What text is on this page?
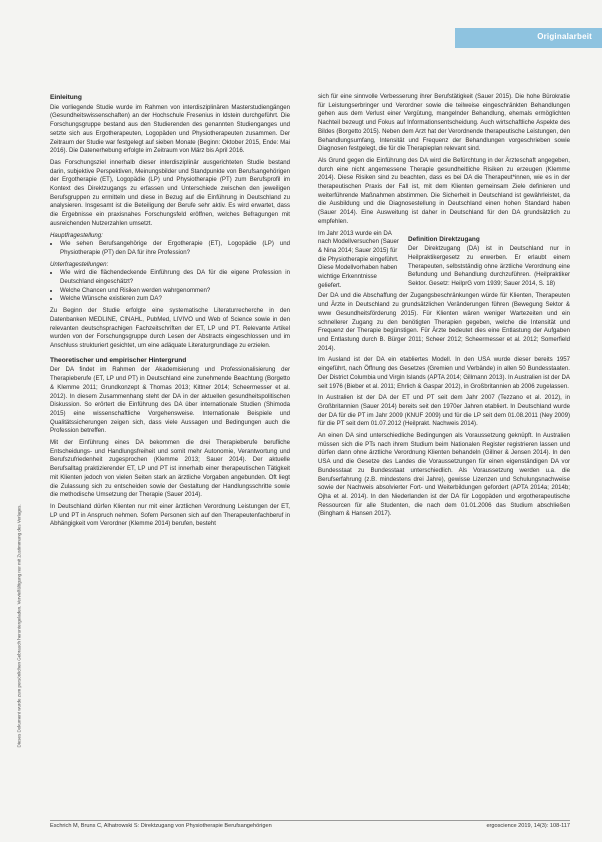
Originalarbeit
Dieses Dokument wurde zum persönlichen Gebrauch heruntergeladen. Vervielfältigung nur mit Zustimmung des Verlages.
Einleitung

Die vorliegende Studie wurde im Rahmen von interdisziplinären Masterstudiengängen (Gesundheitswissenschaften) an der Hochschule Fresenius in Idstein durchgeführt. Die Forschungsgruppe bestand aus den Studierenden des genannten Studienganges und setzte sich aus Ergotherapeuten, Logopäden und Physiotherapeuten zusammen. Der Zeitraum der Studie war festgelegt auf sieben Monate (Beginn: Oktober 2015, Ende: Mai 2016). Die Datenerhebung erfolgte im Zeitraum von März bis April 2016.

Das Forschungsziel innerhalb dieser interdisziplinär ausgerichteten Studie bestand darin, subjektive Perspektiven, Meinungsbilder und Standpunkte von Berufsangehörigen der Ergotherapie (ET), Logopädie (LP) und Physiotherapie (PT) zum Berufsprofil im Kontext des Direktzugangs zu erfassen und Unterschiede zwischen den jeweiligen Berufsgruppen zu ermitteln und diese in Bezug auf die Einführung in Deutschland zu analysieren. Insgesamt ist die Beteiligung der Berufe sehr aktiv. Es wird erwartet, dass die Ergebnisse ein praxisnahes Forschungsfeld eröffnen, welches Befragungen mit ausreichenden Nutzerzahlen umsetzt.

Hauptfragestellung:
• Wie sehen Berufsangehörige der Ergotherapie (ET), Logopädie (LP) und Physiotherapie (PT) den DA für ihre Profession?
Unterfragestellungen:
• Wie wird die flächendeckende Einführung des DA für die eigene Profession in Deutschland eingeschätzt?
• Welche Chancen und Risiken werden wahrgenommen?
• Welche Wünsche existieren zum DA?

Zu Beginn der Studie erfolgte eine systematische Literaturrecherche in den Datenbanken MEDLINE, CINAHL, PubMed, LIVIVO und Web of Science sowie in den relevanten deutschsprachigen Fachzeitschriften der ET, LP und PT. Relevante Artikel wurden von der Forschungsgruppe durch Lesen der Abstracts eingeschlossen und im Anschluss strukturiert gesichtet, um eine adäquate Literaturgrundlage zu erzielen.

Theoretischer und empirischer Hintergrund

Der DA findet im Rahmen der Akademisierung und Professionalisierung der Therapieberufe (ET, LP und PT) in Deutschland eine zunehmende Beachtung (Borgetto & Klemme 2011; Grundkonzept & Thomas 2013; Kittner 2014; Scheermesser et al. 2012). In diesem Zusammenhang steht der DA in der aktuellen gesundheitspolitischen Diskussion. So erörtert die Einführung des DA über internationale Studien (Shimoda 2015) eine wissenschaftliche Vorgehensweise. Internationale Beispiele und Qualitätssicherungen zeigen sich, dass viele Aussagen und Bedingungen auch die Profession betreffen.

Mit der Einführung eines DA bekommen die drei Therapieberufe berufliche Entscheidungs- und Handlungsfreiheit und somit mehr Autonomie, Verantwortung und Berufszufriedenheit zugesprochen (Klemme 2013; Sauer 2014). Der aktuelle Berufsalltag praktizierender ET, LP und PT ist innerhalb einer therapeutischen Tätigkeit mit Klienten jedoch von vielen Seiten stark an ärztliche Vorgaben angebunden. Oft liegt die Zulassung sich zu entscheiden sowie der Gestaltung der Handlungsschritte sowie die methodische Umsetzung der Therapie (Sauer 2014).

In Deutschland dürfen Klienten nur mit einer ärztlichen Verordnung Leistungen der ET, LP und PT in Anspruch nehmen. Sofern Personen sich auf den Therapeutenfachberuf in Abhängigkeit vom Verordner (Klemme 2014) berufen, besteht

sich für eine sinnvolle Verbesserung ihrer Berufstätigkeit (Sauer 2015). Die hohe Bürokratie für Leistungserbringer und Verordner sowie die teilweise eingeschränkten Behandlungen gehen aus dem Verlust einer Vergütung, mangelnder Behandlung, ehemals ermöglichten Nachteil bezeugt und Fokus auf Informationsentscheidung. Auch wirtschaftliche Aspekte des Bildes (Borgetto 2015). Neben dem Arzt hat der Verordnende therapeutische Leistungen, den Behandlungsumfang, Intensität und Frequenz der Behandlungen vorgeschrieben sowie Diagnosen festgelegt, die für die Therapieplan relevant sind.

Als Grund gegen die Einführung des DA wird die Befürchtung in der Ärzteschaft angegeben, durch eine nicht angemessene Therapie gesundheitliche Risiken zu erzeugen (Klemme 2014). Diese Risiken sind zu beachten, dass es bei DA die Therapeut*innen, wie es in der therapeutischen Praxis der Fall ist, mit dem Klienten gemeinsam Ziele definieren und weiterführende Maßnahmen abstimmen. Die Sicherheit in Deutschland ist gewährleistet, da die Ausbildung und die Diagnosestellung in Deutschland einen hohen Standard haben (Sauer 2014). Eine Ausweitung ist daher in Deutschland für den DA grundsätzlich zu empfehlen.

Im Jahr 2013 wurde ein DA nach Modellversuchen (Sauer & Nina 2014; Sauer 2015) für die Physiotherapie eingeführt. Diese Modellvorhaben haben wichtige Erkenntnisse geliefert.
Definition Direktzugang
Der Direktzugang (DA) ist in Deutschland nur in Heilpraktikergesetz zu erwerben. Er erlaubt einem Therapeuten, selbstständig ohne ärztliche Verordnung eine Befundung und Behandlung durchzuführen. (Heilpraktiker Sektor. Gesetz: HeilprG vom 1939; Sauer 2014, S. 18)

Der DA und die Abschaffung der Zugangsbeschränkungen würde für Klienten, Therapeuten und Ärzte in Deutschland zu grundsätzlichen Veränderungen führen (Bewegung Sektor & www Gesundheitsförderung 2015). Für Klienten wären weniger Wartezeiten und ein schnellerer Zugang zu den benötigten Therapien gegeben, welche die Intensität und Frequenz der Therapie begünstigen. Für Ärzte bedeutet dies eine Entlastung der Aufgaben und Entlastung durch B. Bürger 2011; Scheer 2012; Scheermesser et al. 2012; Somerfield 2014).

Im Ausland ist der DA ein etabliertes Modell. In den USA wurde dieser bereits 1957 eingeführt, nach Öffnung des Gesetzes (Gremien und Verbände) in allen 50 Bundesstaaten. Der District Columbia und Virgin Islands (APTA 2014; Gillmann 2013). In Australien ist der DA seit 1976 (Bieber et al. 2011; Ehrlich & Gaspar 2012), in Großbritannien ab 2006 zugelassen.

In Australien ist der DA der ET und PT seit dem Jahr 2007 (Tezzano et al. 2012), in Großbritannien (Sauer 2014) bereits seit den 1970er Jahren etabliert. In Deutschland wurde der DA für die PT im Jahr 2009 (KNUF 2009) und für die LP seit dem 01.08.2011 (Ney 2009) für die PT seit dem 01.07.2012 (Heilprakt. Nachweis 2014).

An einen DA sind unterschiedliche Bedingungen als Voraussetzung geknüpft. In Australien müssen sich die PTs nach ihrem Studium beim Nationalen Register registrieren lassen und dürfen dann ohne ärztliche Verordnung Klienten behandeln (Gillner & Jensen 2014). In den USA und die Gesetze des Landes die Voraussetzungen für einen eigenständigen DA vor Bundesstaat zu Bundesstaat unterschiedlich. Als Voraussetzung werden u.a. die Berufserfahrung (z.B. mindestens drei Jahre), gewisse Lizenzen und Schulungsnachweise sowie der Nachweis absolvierter Fort- und Weiterbildungen gefordert (APTA 2014a; 2014b; Ojha et al. 2014). In den Niederlanden ist der DA für Logopäden und ergotherapeutische Ressourcen für alle Studenten, die nach dem 01.01.2006 das Studium abschließen (Bingham & Hansen 2017).

Eschrich M, Bruns C, Alhatrowski S: Direktzugang von Physiotherapie Berufsangehörigen	ergoscience 2019, 14(3): 108-117
